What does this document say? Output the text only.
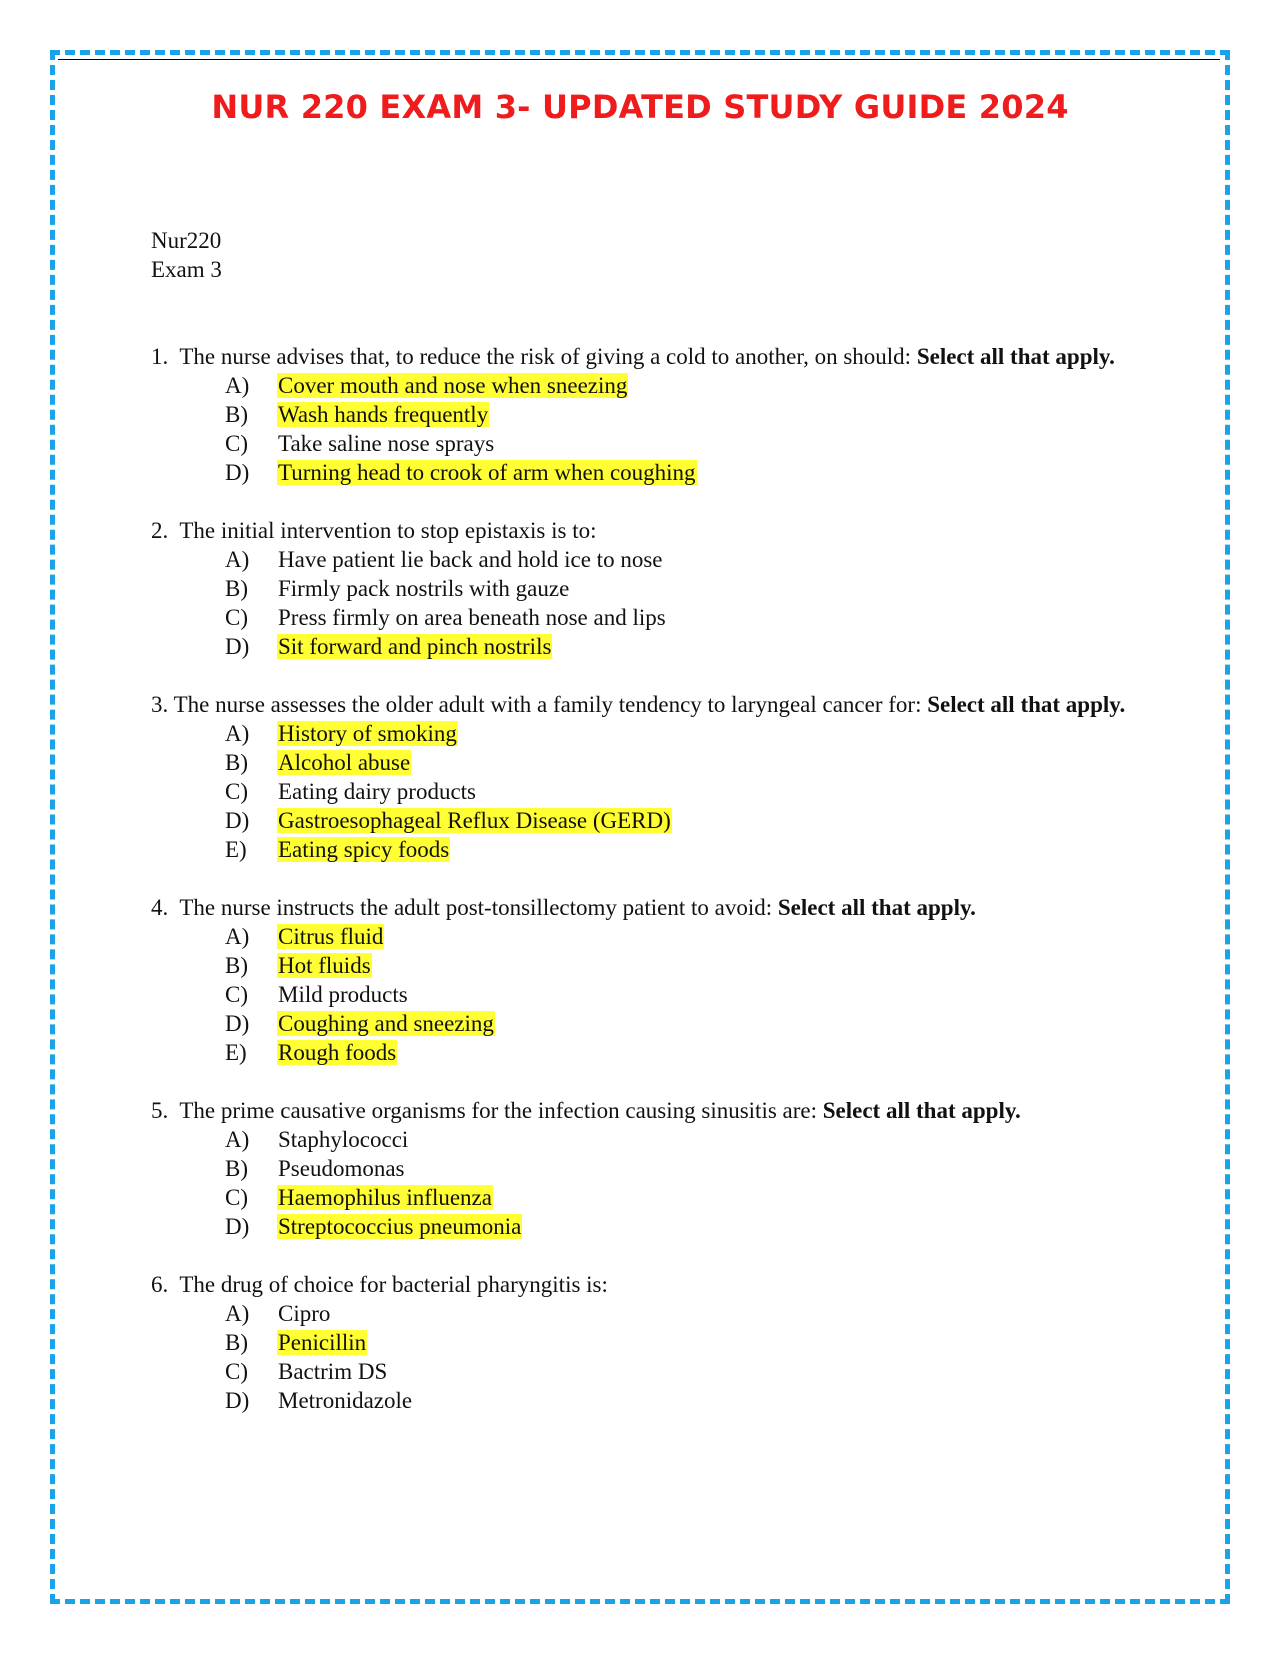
NUR 220 EXAM 3- UPDATED STUDY GUIDE 2024
Nur220
Exam 3
1. The nurse advises that, to reduce the risk of giving a cold to another, on should: Select all that apply.
A) Cover mouth and nose when sneezing
B) Wash hands frequently
C) Take saline nose sprays
D) Turning head to crook of arm when coughing
2. The initial intervention to stop epistaxis is to:
A) Have patient lie back and hold ice to nose
B) Firmly pack nostrils with gauze
C) Press firmly on area beneath nose and lips
D) Sit forward and pinch nostrils
3. The nurse assesses the older adult with a family tendency to laryngeal cancer for: Select all that apply.
A) History of smoking
B) Alcohol abuse
C) Eating dairy products
D) Gastroesophageal Reflux Disease (GERD)
E) Eating spicy foods
4. The nurse instructs the adult post-tonsillectomy patient to avoid: Select all that apply.
A) Citrus fluid
B) Hot fluids
C) Mild products
D) Coughing and sneezing
E) Rough foods
5. The prime causative organisms for the infection causing sinusitis are: Select all that apply.
A) Staphylococci
B) Pseudomonas
C) Haemophilus influenza
D) Streptococcius pneumonia
6. The drug of choice for bacterial pharyngitis is:
A) Cipro
B) Penicillin
C) Bactrim DS
D) Metronidazole
